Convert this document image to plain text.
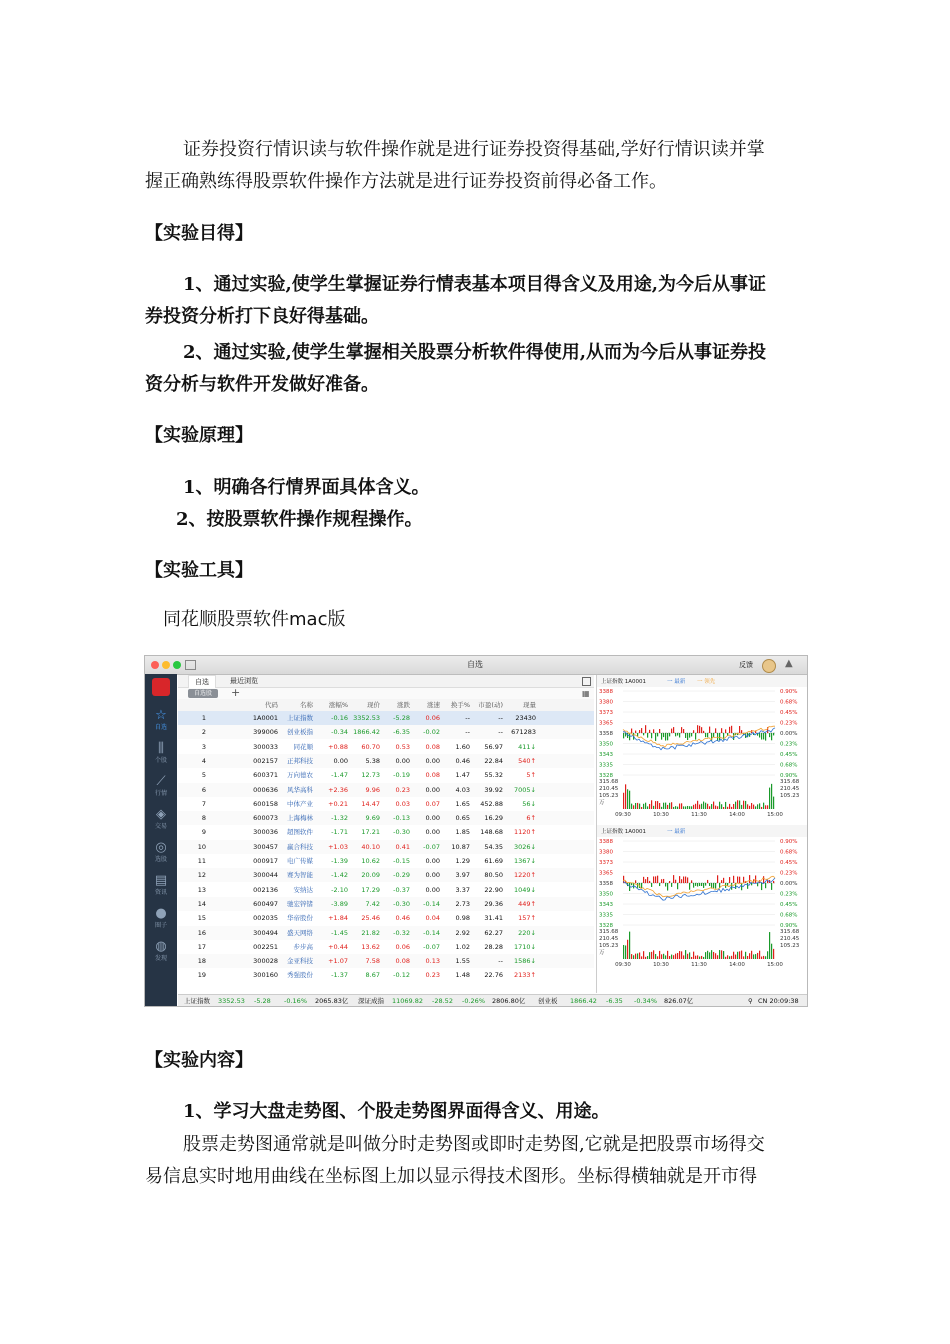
证券投资行情识读与软件操作就是进行证券投资得基础,学好行情识读并掌
握正确熟练得股票软件操作方法就是进行证券投资前得必备工作。
【实验目得】
1、通过实验,使学生掌握证券行情表基本项目得含义及用途,为今后从事证
券投资分析打下良好得基础。
2、通过实验,使学生掌握相关股票分析软件得使用,从而为今后从事证券投
资分析与软件开发做好准备。
【实验原理】
1、明确各行情界面具体含义。
2、按股票软件操作规程操作。
【实验工具】
同花顺股票软件mac版
【实验内容】
1、学习大盘走势图、个股走势图界面得含义、用途。
股票走势图通常就是叫做分时走势图或即时走势图,它就是把股票市场得交
易信息实时地用曲线在坐标图上加以显示得技术图形。坐标得横轴就是开市得
自选	反馈	▲
☆
自选
⫼
个股
⟋
行情
◈
交易
◎
选股
▤
资讯
●
圈子
◍
发现
自选	最近浏览
自选股	+	▦
代码	名称 涨幅%	现价	涨跌	涨速 换手% 市盈(动)	现量
1	1A0001 上证指数	-0.16 3352.53 -5.28 0.06	--	-- 23430
2	399006 创业板指	-0.34 1866.42 -6.35 -0.02	--	-- 671283
3	300033 同花顺 +0.88 60.70 0.53 0.08 1.60 56.97 411↓
4	002157 正邦科技	0.00	5.38 0.00 0.00 0.46 22.84 540↑
5	600371 万向德农	-1.47 12.73 -0.19 0.08 1.47 55.32	5↑
6	000636 风华高科 +2.36	9.96 0.23 0.00 4.03 39.92 7005↓
7	600158 中体产业 +0.21 14.47 0.03 0.07 1.65 452.88	56↓
8	600073 上海梅林	-1.32	9.69 -0.13 0.00 0.65 16.29	6↑
9	300036 超图软件	-1.71 17.21 -0.30 0.00 1.85 148.68 1120↑
10	300457 赢合科技 +1.03 40.10 0.41 -0.07 10.87 54.35 3026↓
11	000917 电广传媒	-1.39 10.62 -0.15 0.00 1.29 61.69 1367↓
12	300044 赛为智能	-1.42 20.09 -0.29 0.00 3.97 80.50 1220↑
13	002136 安纳达	-2.10 17.29 -0.37 0.00 3.37 22.90 1049↓
14	600497 驰宏锌锗	-3.89	7.42 -0.30 -0.14 2.73 29.36 449↑
15	002035 华帝股份 +1.84 25.46 0.46 0.04 0.98 31.41 157↑
16	300494 盛天网络	-1.45 21.82 -0.32 -0.14 2.92 62.27 220↓
17	002251 步步高 +0.44 13.62 0.06 -0.07 1.02 28.28 1710↓
18	300028 金亚科技 +1.07	7.58 0.08 0.13 1.55	-- 1586↓
19	300160 秀强股份	-1.37	8.67 -0.12 0.23 1.48 22.76 2133↑
上证指数 1A0001	一 最新 一 领先
3388	0.90%
3380	0.68%
3373	0.45%
3365	0.23%
3358	0.00%
3350	0.23%
3343	0.45%
3335	0.68%
3328	0.90%
315.68
210.45
105.23
315.68
210.45
105.23
万
09:30	10:30	11:30	14:00	15:00
上证指数 1A0001	一 最新
3388	0.90%
3380	0.68%
3373	0.45%
3365	0.23%
3358	0.00%
3350	0.23%
3343	0.45%
3335	0.68%
3328	0.90%
315.68
210.45
105.23
315.68
210.45
105.23
万
09:30	10:30	11:30	14:00	15:00
上证指数 3352.53 -5.28 -0.16% 2065.83亿 深证成指 11069.82 -28.52 -0.26% 2806.80亿 创业板 1866.42 -6.35 -0.34% 826.07亿	⚲ CN 20:09:38
